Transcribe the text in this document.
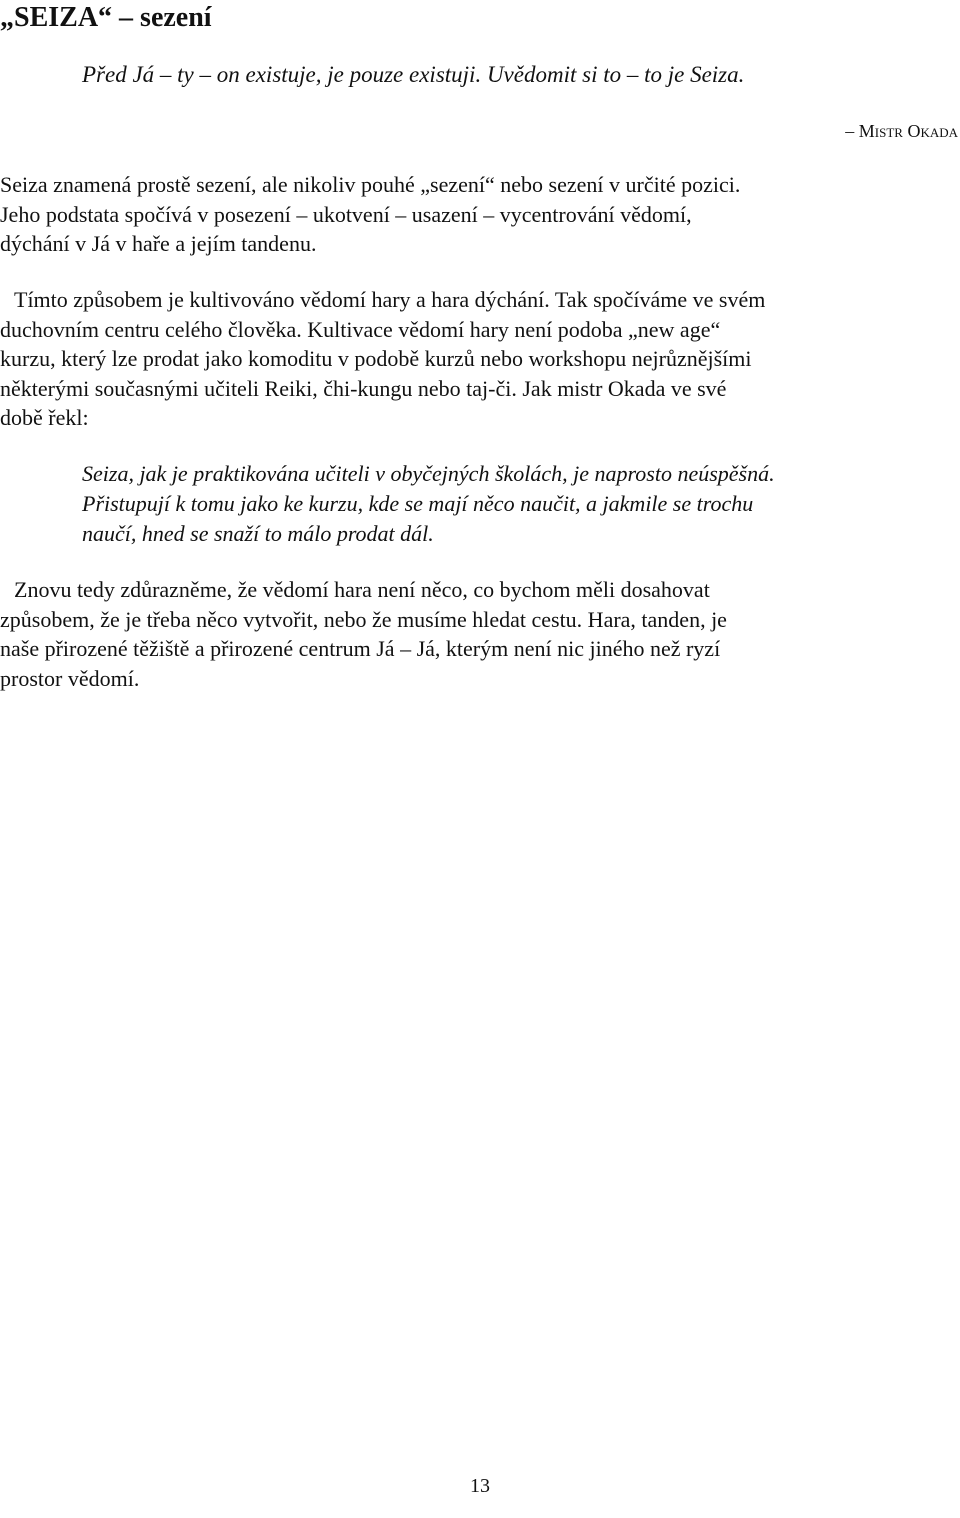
„SEIZA“ – sezení

Před Já – ty – on existuje, je pouze existuji. Uvědomit si to – to je Seiza.

– Mistr Okada

Seiza znamená prostě sezení, ale nikoliv pouhé „sezení“ nebo sezení v určité pozici.
Jeho podstata spočívá v posezení – ukotvení – usazení – vycentrování vědomí,
dýchání v Já v haře a jejím tandenu.

Tímto způsobem je kultivováno vědomí hary a hara dýchání. Tak spočíváme ve svém
duchovním centru celého člověka. Kultivace vědomí hary není podoba „new age“
kurzu, který lze prodat jako komoditu v podobě kurzů nebo workshopu nejrůznějšími
některými současnými učiteli Reiki, čhi-kungu nebo taj-či. Jak mistr Okada ve své
době řekl:

Seiza, jak je praktikována učiteli v obyčejných školách, je naprosto neúspěšná.
Přistupují k tomu jako ke kurzu, kde se mají něco naučit, a jakmile se trochu
naučí, hned se snaží to málo prodat dál.

Znovu tedy zdůrazněme, že vědomí hara není něco, co bychom měli dosahovat
způsobem, že je třeba něco vytvořit, nebo že musíme hledat cestu. Hara, tanden, je
naše přirozené těžiště a přirozené centrum Já – Já, kterým není nic jiného než ryzí
prostor vědomí.

13
